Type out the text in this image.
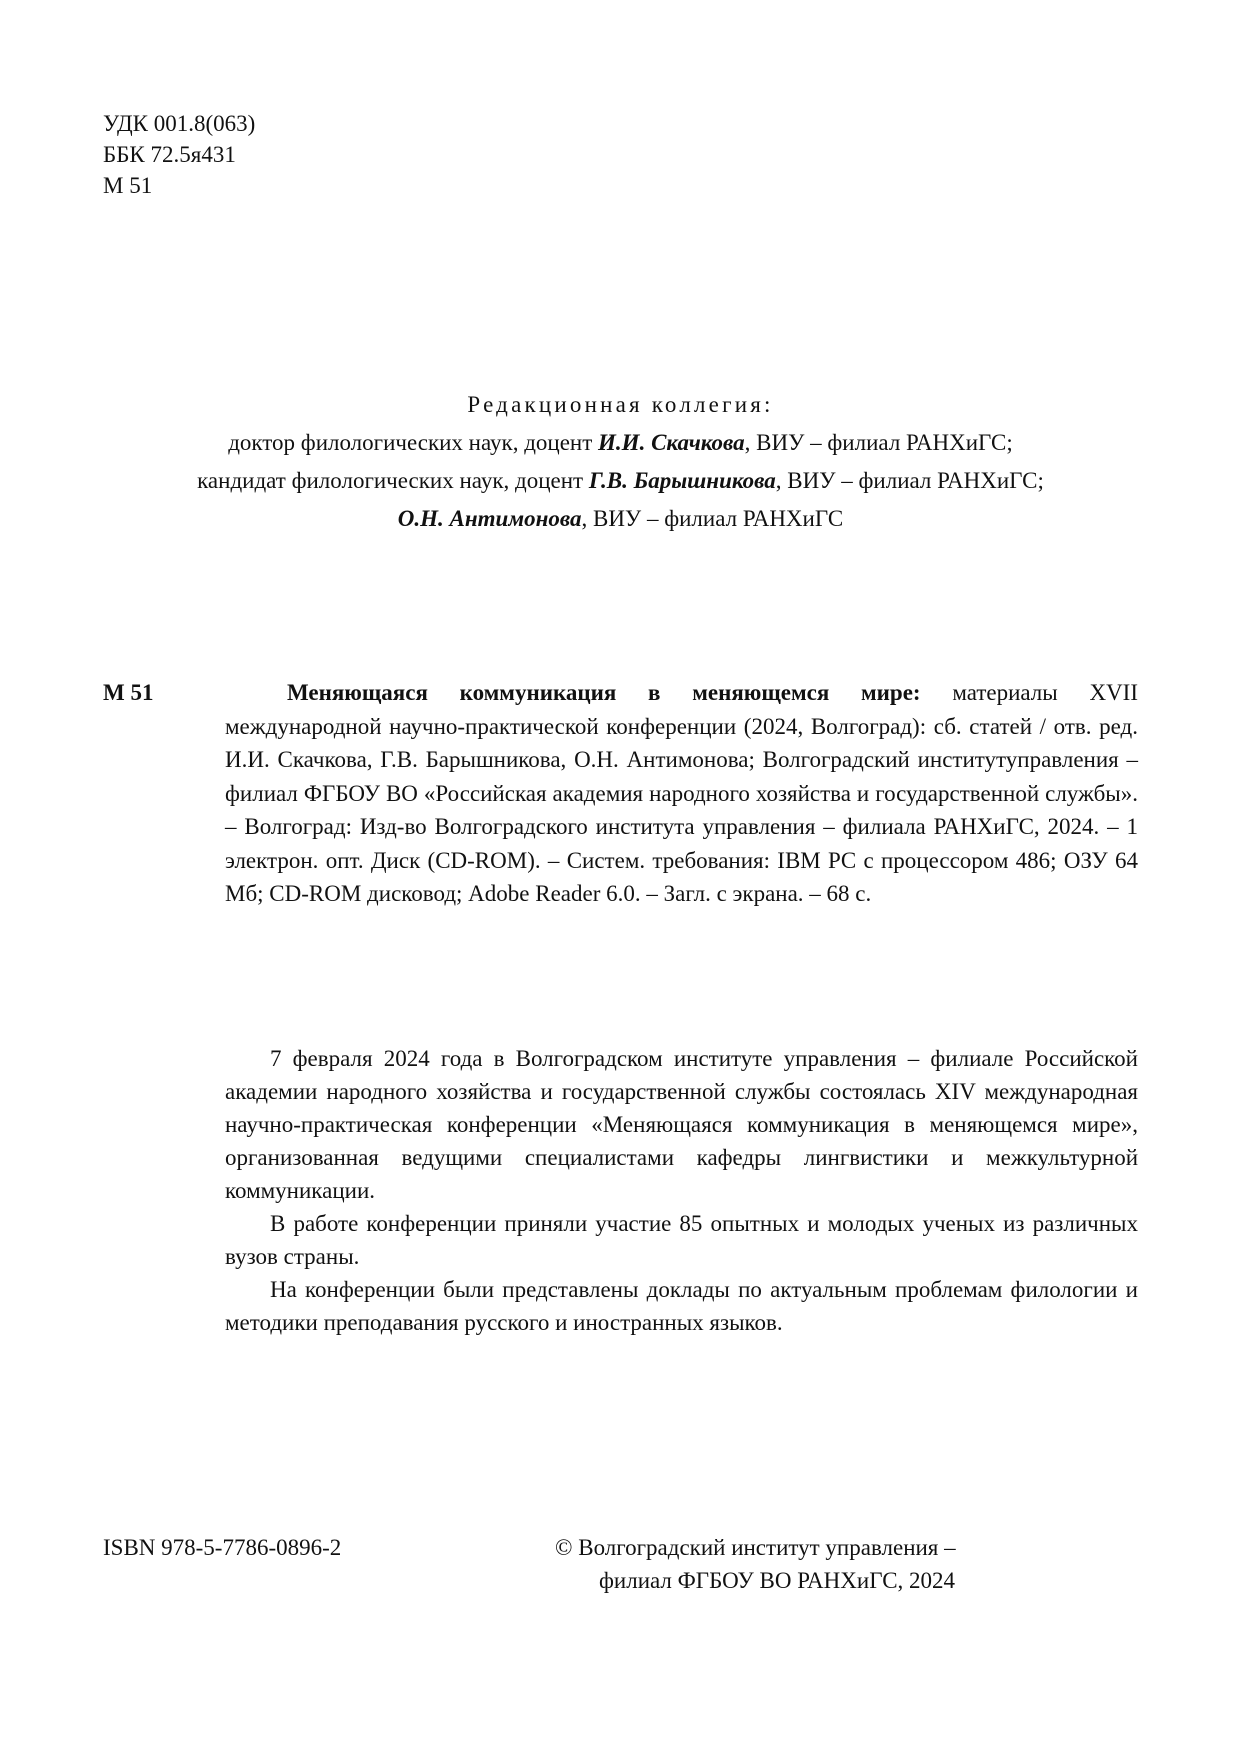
УДК 001.8(063)
ББК 72.5я431
М 51
Редакционная коллегия:
доктор филологических наук, доцент И.И. Скачкова, ВИУ – филиал РАНХиГС;
кандидат филологических наук, доцент Г.В. Барышникова, ВИУ – филиал РАНХиГС;
О.Н. Антимонова, ВИУ – филиал РАНХиГС
М 51	Меняющаяся коммуникация в меняющемся мире: материалы XVII международной научно-практической конференции (2024, Волгоград): сб. статей / отв. ред. И.И. Скачкова, Г.В. Барышникова, О.Н. Антимонова; Волгоградский институтуправления – филиал ФГБОУ ВО «Российская академия народного хозяйства и государственной службы». – Волгоград: Изд-во Волгоградского института управления – филиала РАНХиГС, 2024. – 1 электрон. опт. Диск (CD-ROM). – Систем. требования: IBM PC с процессором 486; ОЗУ 64 Мб; CD-ROM дисковод; Adobe Reader 6.0. – Загл. с экрана. – 68 с.

7 февраля 2024 года в Волгоградском институте управления – филиале Российской академии народного хозяйства и государственной службы состоялась XIV международная научно-практическая конференции «Меняющаяся коммуникация в меняющемся мире», организованная ведущими специалистами кафедры лингвистики и межкультурной коммуникации.

В работе конференции приняли участие 85 опытных и молодых ученых из различных вузов страны.

На конференции были представлены доклады по актуальным проблемам филологии и методики преподавания русского и иностранных языков.

ISBN 978-5-7786-0896-2	© Волгоградский институт управления –
филиал ФГБОУ ВО РАНХиГС, 2024
